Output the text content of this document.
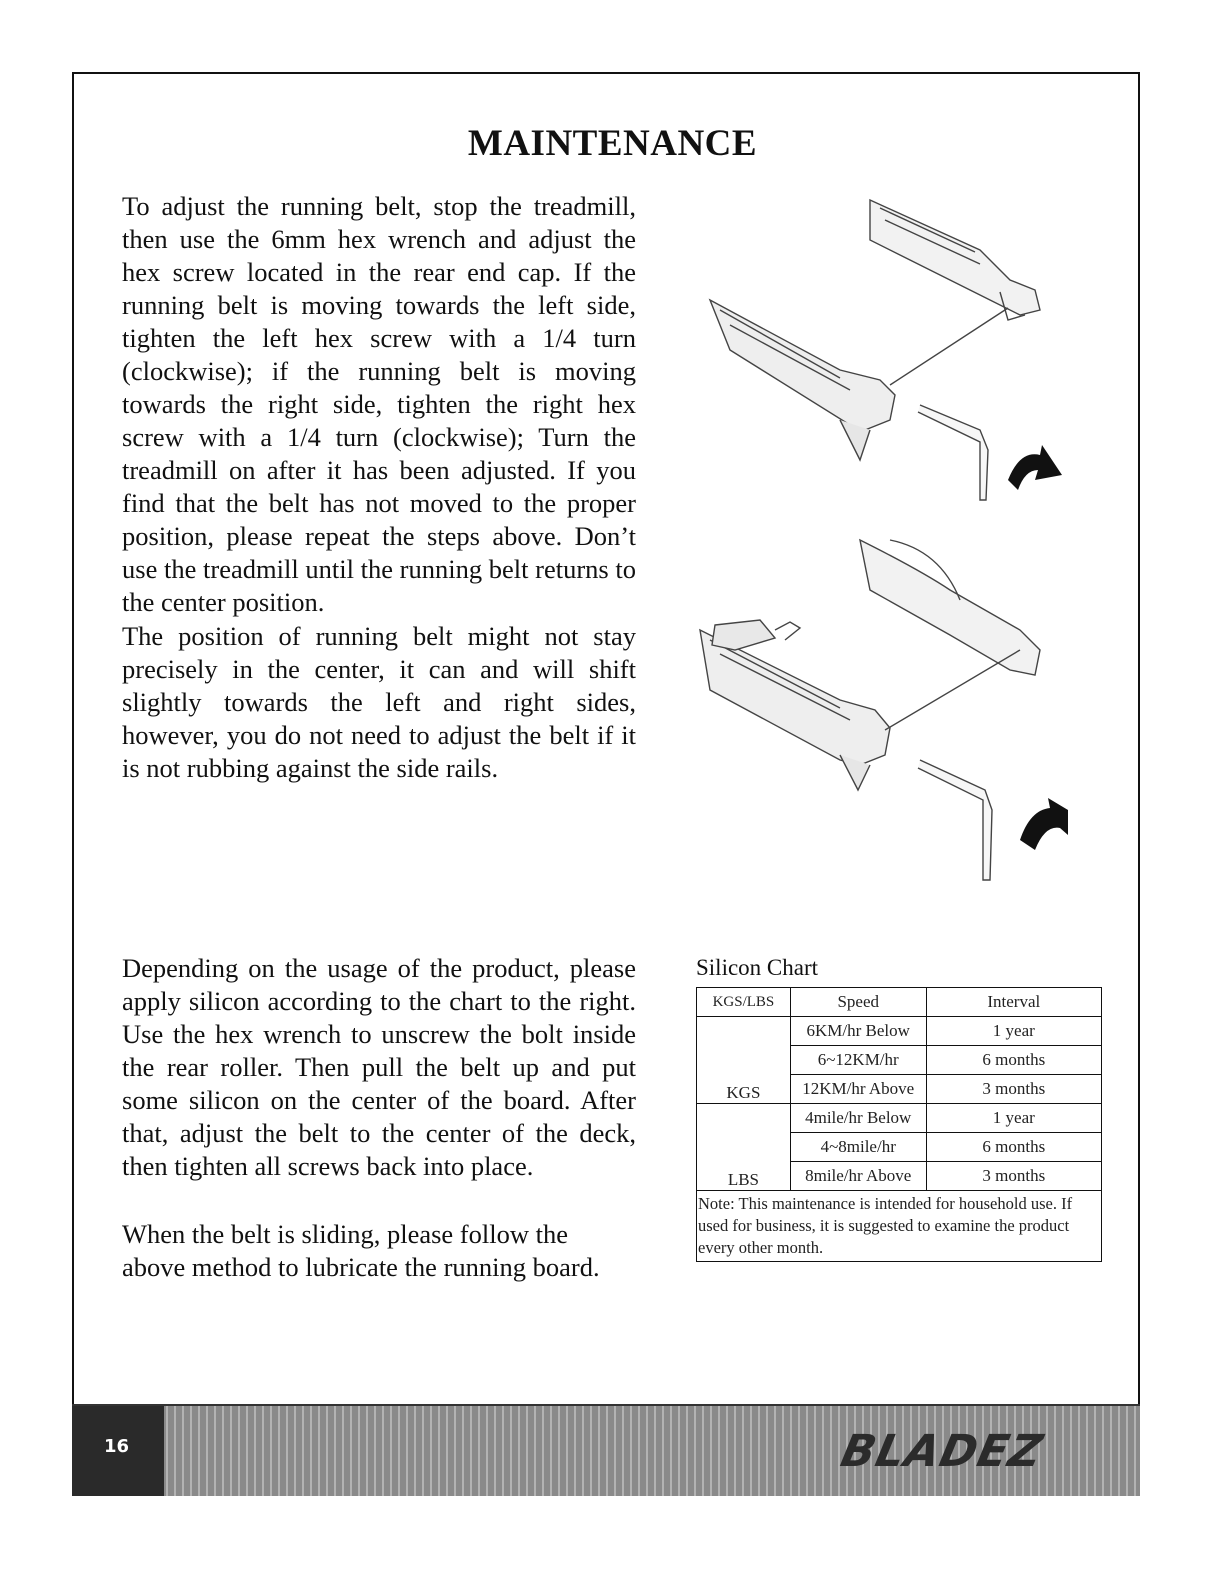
MAINTENANCE

To adjust the running belt, stop the treadmill, then use the 6mm hex wrench and adjust the hex screw located in the rear end cap. If the running belt is moving towards the left side, tighten the left hex screw with a 1/4 turn (clockwise); if the running belt is moving towards the right side, tighten the right hex screw with a 1/4 turn (clockwise); Turn the treadmill on after it has been adjusted. If you find that the belt has not moved to the proper position, please repeat the steps above. Don’t use the treadmill until the running belt returns to the center position.

The position of running belt might not stay precisely in the center, it can and will shift slightly towards the left and right sides, however, you do not need to adjust the belt if it is not rubbing against the side rails.

Depending on the usage of the product, please apply silicon according to the chart to the right. Use the hex wrench to unscrew the bolt inside the rear roller. Then pull the belt up and put some silicon on the center of the board. After that, adjust the belt to the center of the deck, then tighten all screws back into place.

When the belt is sliding, please follow the above method to lubricate the running board.

Silicon Chart
KGS/LBS	Speed	Interval
KGS	6KM/hr Below	1 year
	6~12KM/hr	6 months
	12KM/hr Above	3 months
LBS	4mile/hr Below	1 year
	4~8mile/hr	6 months
	8mile/hr Above	3 months
Note: This maintenance is intended for household use. If used for business, it is suggested to examine the product every other month.		
16	BLADEZ
